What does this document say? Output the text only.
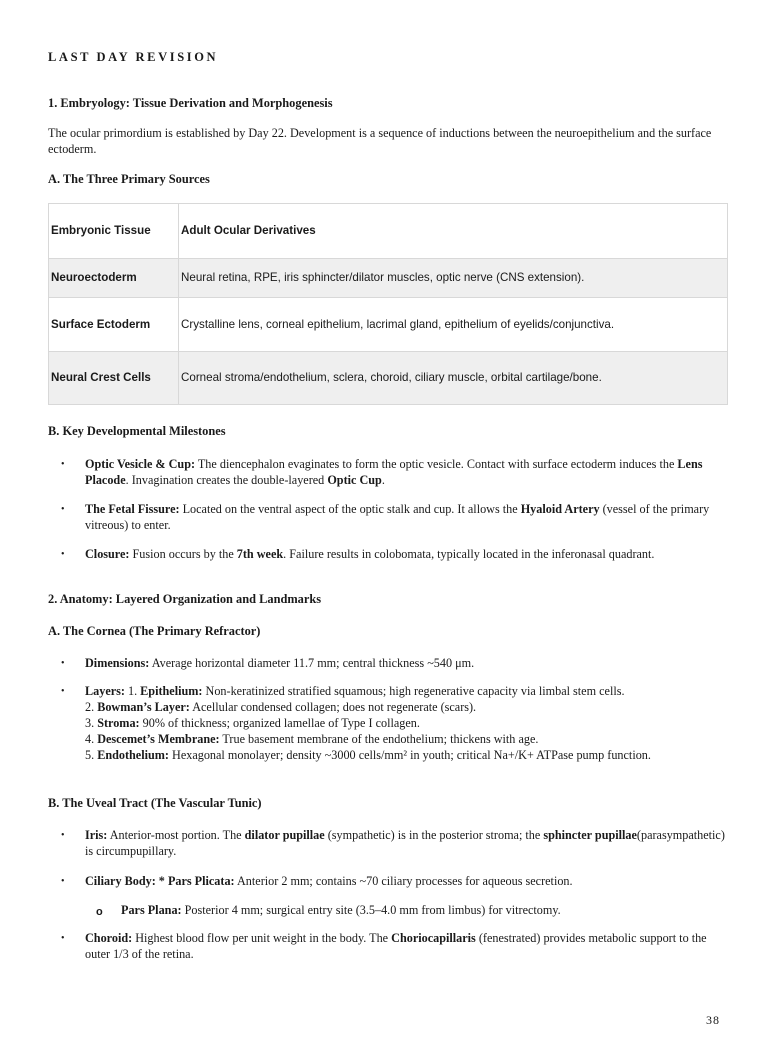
LAST DAY REVISION
1. Embryology: Tissue Derivation and Morphogenesis
The ocular primordium is established by Day 22. Development is a sequence of inductions between the neuroepithelium and the surface ectoderm.
A. The Three Primary Sources
Embryonic Tissue	Adult Ocular Derivatives
Neuroectoderm	Neural retina, RPE, iris sphincter/dilator muscles, optic nerve (CNS extension).
Surface Ectoderm	Crystalline lens, corneal epithelium, lacrimal gland, epithelium of eyelids/conjunctiva.
Neural Crest Cells	Corneal stroma/endothelium, sclera, choroid, ciliary muscle, orbital cartilage/bone.
B. Key Developmental Milestones
• Optic Vesicle & Cup: The diencephalon evaginates to form the optic vesicle. Contact with surface ectoderm induces the Lens Placode. Invagination creates the double-layered Optic Cup.
• The Fetal Fissure: Located on the ventral aspect of the optic stalk and cup. It allows the Hyaloid Artery (vessel of the primary vitreous) to enter.
• Closure: Fusion occurs by the 7th week. Failure results in colobomata, typically located in the inferonasal quadrant.
2. Anatomy: Layered Organization and Landmarks
A. The Cornea (The Primary Refractor)
• Dimensions: Average horizontal diameter 11.7 mm; central thickness ~540 μm.
• Layers: 1. Epithelium: Non-keratinized stratified squamous; high regenerative capacity via limbal stem cells.
2. Bowman’s Layer: Acellular condensed collagen; does not regenerate (scars).
3. Stroma: 90% of thickness; organized lamellae of Type I collagen.
4. Descemet’s Membrane: True basement membrane of the endothelium; thickens with age.
5. Endothelium: Hexagonal monolayer; density ~3000 cells/mm² in youth; critical Na+/K+ ATPase pump function.
B. The Uveal Tract (The Vascular Tunic)
• Iris: Anterior-most portion. The dilator pupillae (sympathetic) is in the posterior stroma; the sphincter pupillae(parasympathetic) is circumpupillary.
• Ciliary Body: * Pars Plicata: Anterior 2 mm; contains ~70 ciliary processes for aqueous secretion.
o Pars Plana: Posterior 4 mm; surgical entry site (3.5–4.0 mm from limbus) for vitrectomy.
• Choroid: Highest blood flow per unit weight in the body. The Choriocapillaris (fenestrated) provides metabolic support to the outer 1/3 of the retina.
38
